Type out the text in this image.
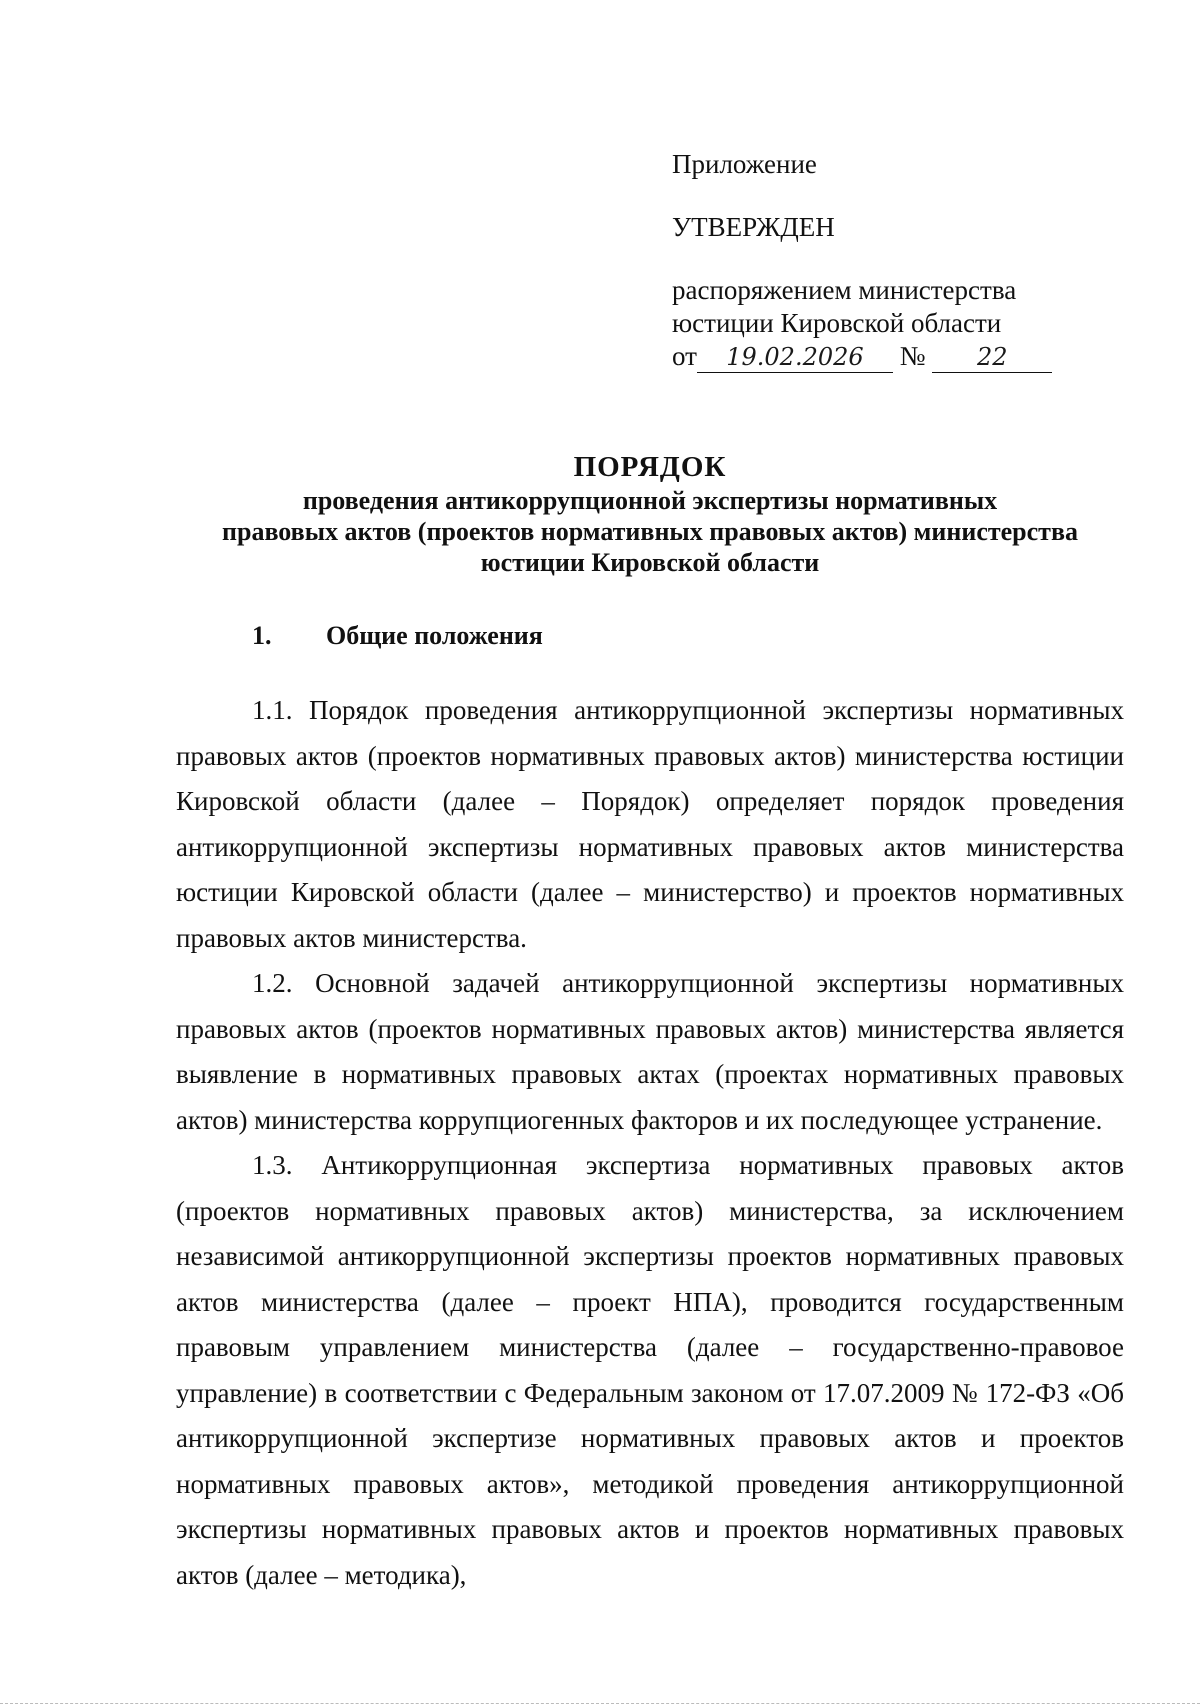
Приложение
УТВЕРЖДЕН
распоряжением министерства
юстиции Кировской области
от 19.02.2026 № 22
ПОРЯДОК
проведения антикоррупционной экспертизы нормативных
правовых актов (проектов нормативных правовых актов) министерства
юстиции Кировской области
1. Общие положения

1.1. Порядок проведения антикоррупционной экспертизы нормативных правовых актов (проектов нормативных правовых актов) министерства юстиции Кировской области (далее – Порядок) определяет порядок проведения антикоррупционной экспертизы нормативных правовых актов министерства юстиции Кировской области (далее – министерство) и проектов нормативных правовых актов министерства.

1.2. Основной задачей антикоррупционной экспертизы нормативных правовых актов (проектов нормативных правовых актов) министерства является выявление в нормативных правовых актах (проектах нормативных правовых актов) министерства коррупциогенных факторов и их последующее устранение.

1.3. Антикоррупционная экспертиза нормативных правовых актов (проектов нормативных правовых актов) министерства, за исключением независимой антикоррупционной экспертизы проектов нормативных правовых актов министерства (далее – проект НПА), проводится государственным правовым управлением министерства (далее – государственно-правовое управление) в соответствии с Федеральным законом от 17.07.2009 № 172-ФЗ «Об антикоррупционной экспертизе нормативных правовых актов и проектов нормативных правовых актов», методикой проведения антикоррупционной экспертизы нормативных правовых актов и проектов нормативных правовых актов (далее – методика),
